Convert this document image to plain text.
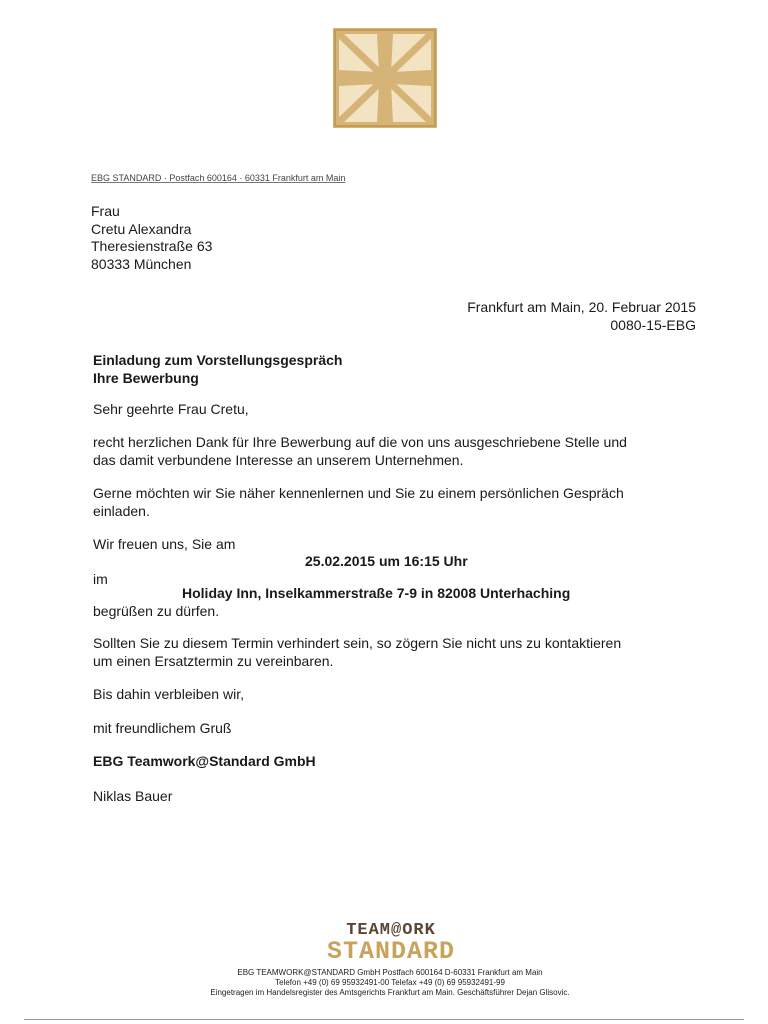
EBG STANDARD · Postfach 600164 · 60331 Frankfurt am Main
Frau
Cretu Alexandra
Theresienstraße 63
80333 München
Frankfurt am Main, 20. Februar 2015
0080-15-EBG
Einladung zum Vorstellungsgespräch
Ihre Bewerbung
Sehr geehrte Frau Cretu,
recht herzlichen Dank für Ihre Bewerbung auf die von uns ausgeschriebene Stelle und
das damit verbundene Interesse an unserem Unternehmen.
Gerne möchten wir Sie näher kennenlernen und Sie zu einem persönlichen Gespräch
einladen.
Wir freuen uns, Sie am
25.02.2015 um 16:15 Uhr
im
Holiday Inn, Inselkammerstraße 7-9 in 82008 Unterhaching
begrüßen zu dürfen.
Sollten Sie zu diesem Termin verhindert sein, so zögern Sie nicht uns zu kontaktieren
um einen Ersatztermin zu vereinbaren.
Bis dahin verbleiben wir,
mit freundlichem Gruß
EBG Teamwork@Standard GmbH
Niklas Bauer
TEAM@ORK
STANDARD
EBG TEAMWORK@STANDARD GmbH Postfach 600164 D-60331 Frankfurt am Main
Telefon +49 (0) 69 95932491-00 Telefax +49 (0) 69 95932491-99
Eingetragen im Handelsregister des Amtsgerichts Frankfurt am Main. Geschäftsführer Dejan Glisovic.
